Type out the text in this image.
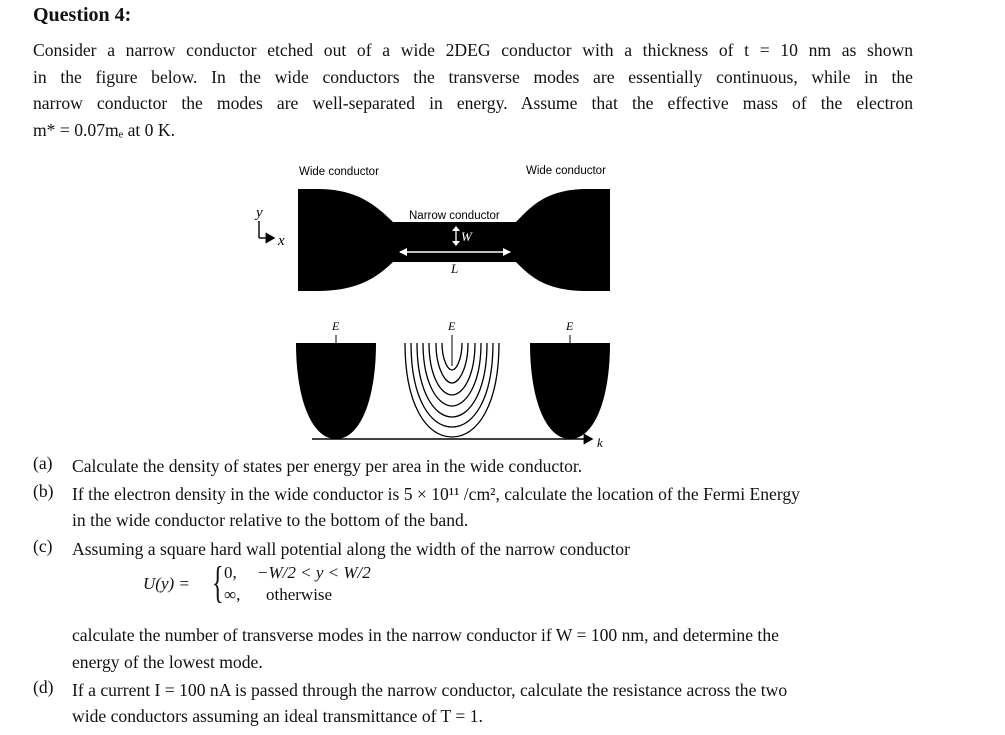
Question 4:
Consider a narrow conductor etched out of a wide 2DEG conductor with a thickness of t = 10 nm as shown
in the figure below. In the wide conductors the transverse modes are essentially continuous, while in the
narrow conductor the modes are well-separated in energy. Assume that the effective mass of the electron
m* = 0.07mₑ at 0 K.
y
x
Wide conductor	Wide conductor
Narrow conductor
W
L
k
E	E	E
(a) Calculate the density of states per energy per area in the wide conductor.
(b) If the electron density in the wide conductor is 5 × 10¹¹ /cm², calculate the location of the Fermi Energy
in the wide conductor relative to the bottom of the band.
(c) Assuming a square hard wall potential along the width of the narrow conductor
U(y) = { 0, −W/2 < y < W/2
∞, otherwise
calculate the number of transverse modes in the narrow conductor if W = 100 nm, and determine the
energy of the lowest mode.
(d) If a current I = 100 nA is passed through the narrow conductor, calculate the resistance across the two
wide conductors assuming an ideal transmittance of T = 1.
